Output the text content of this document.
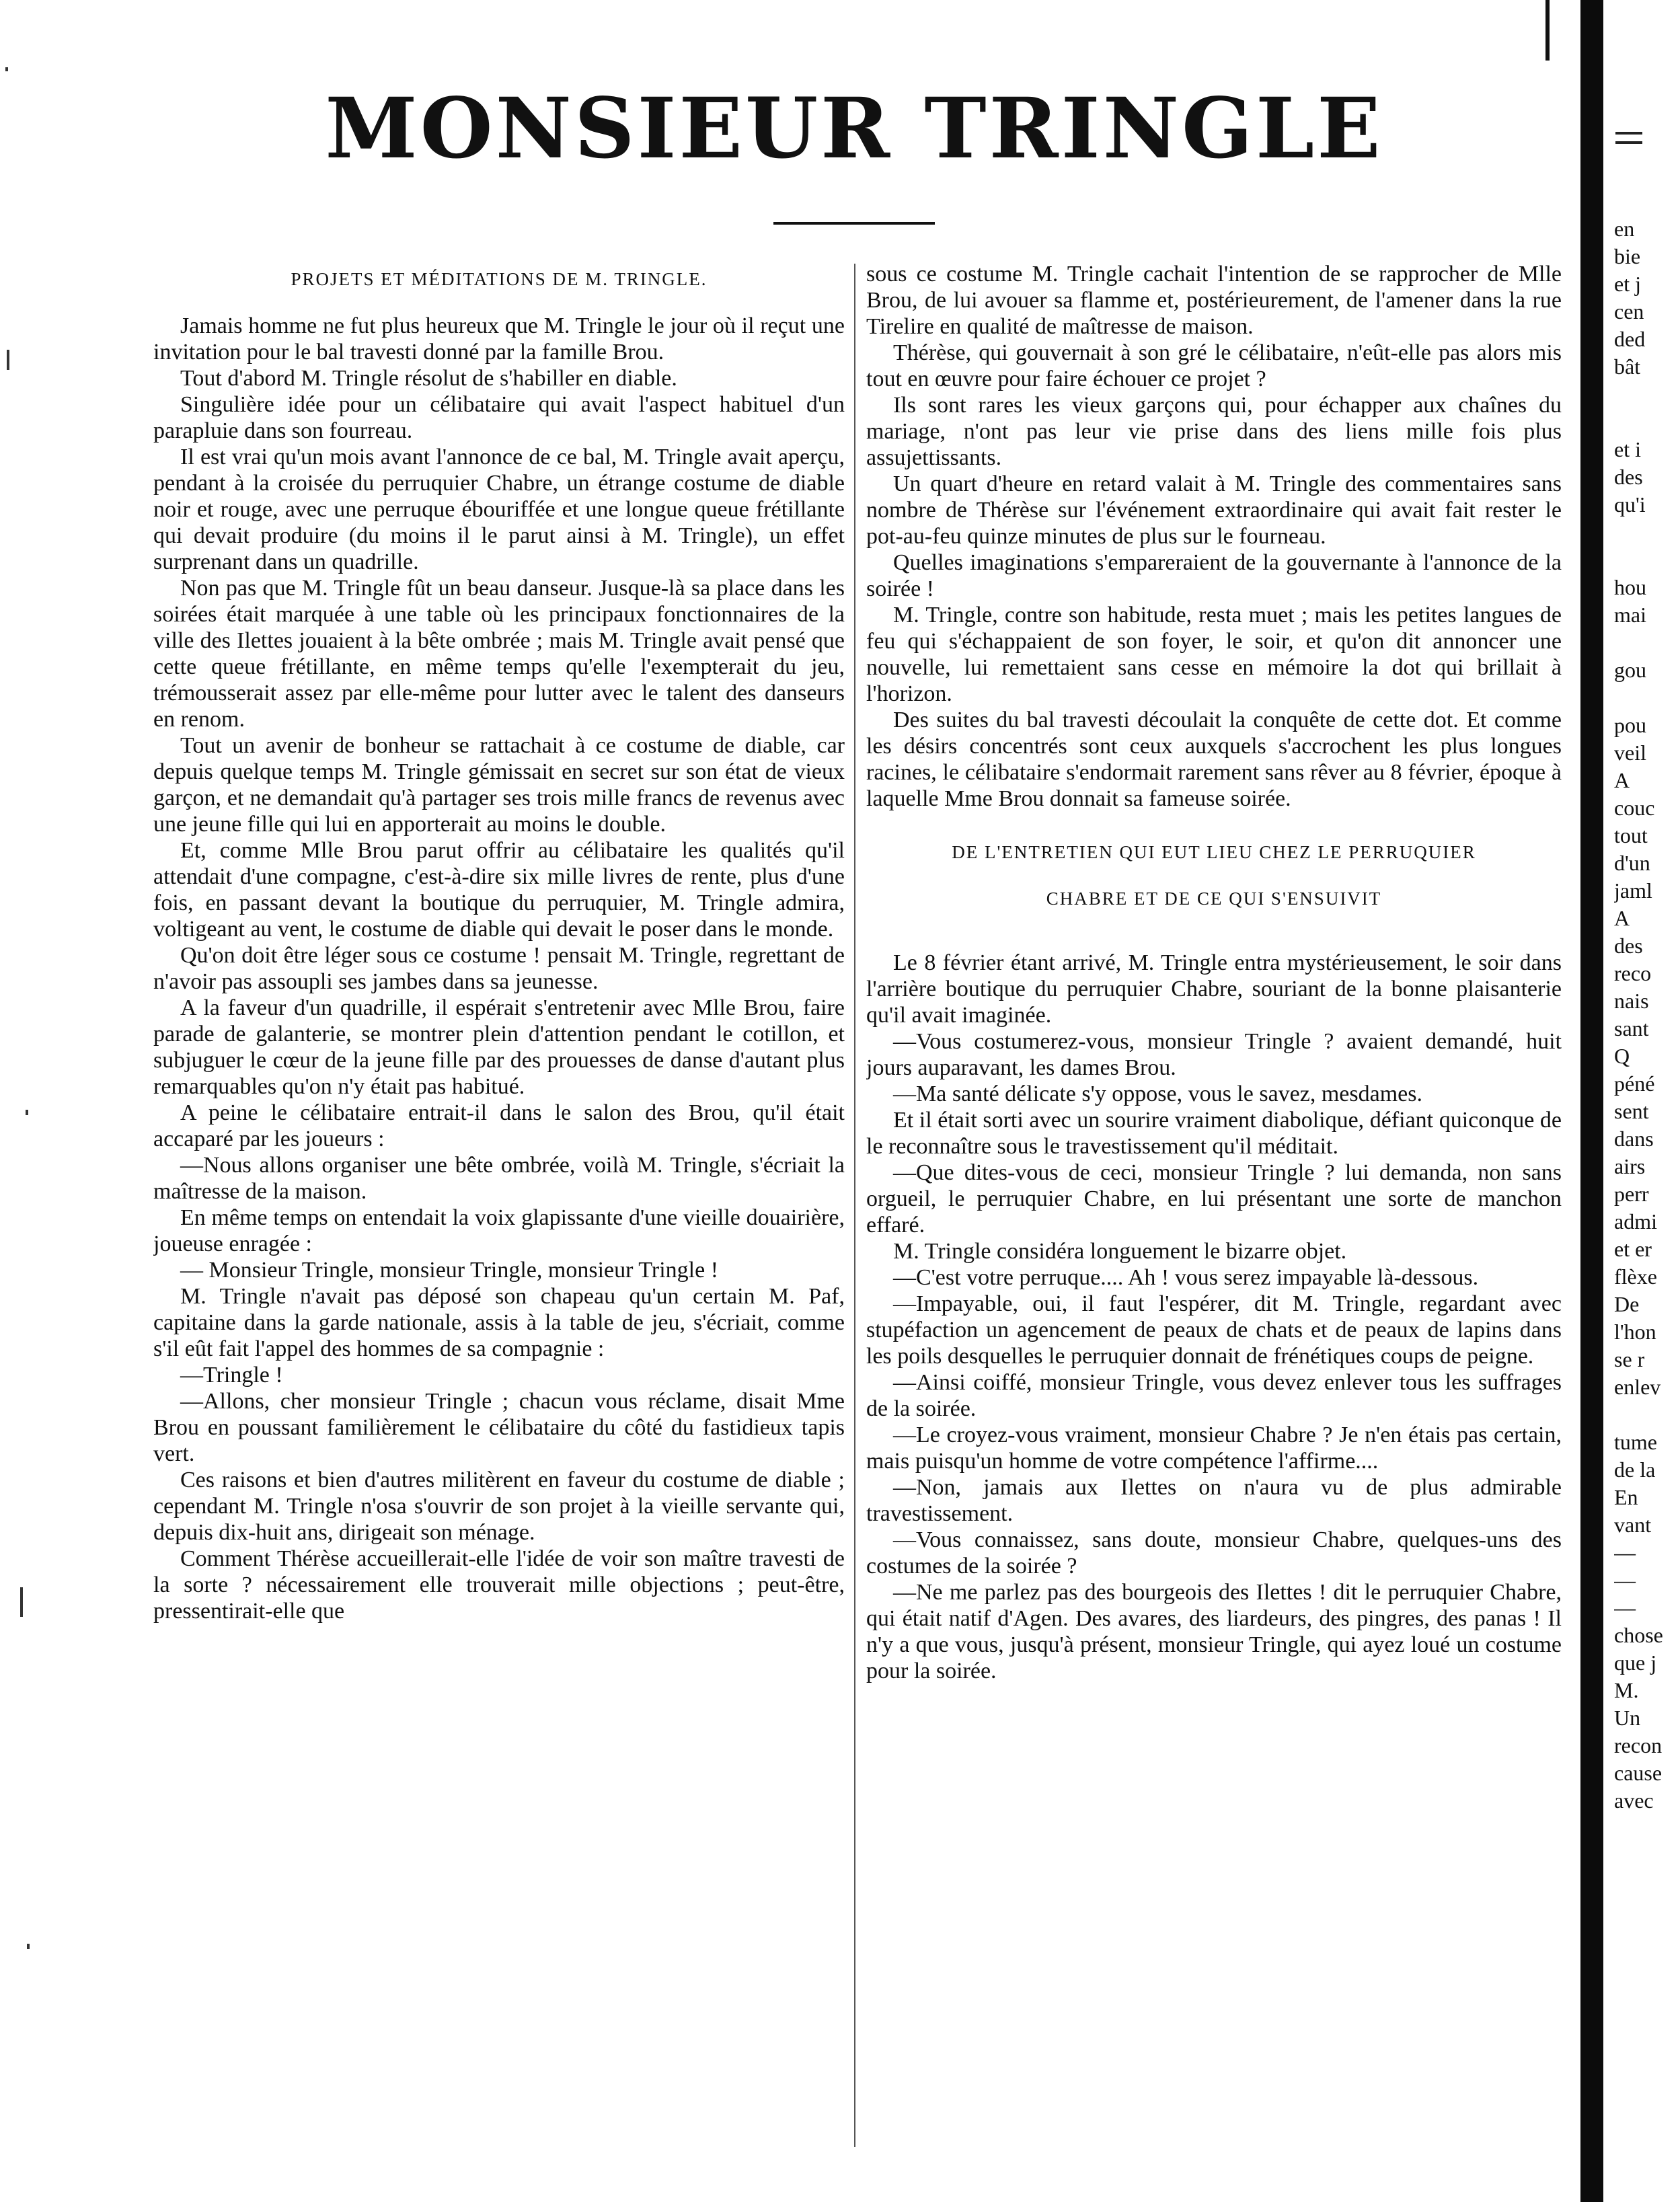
MONSIEUR TRINGLE

PROJETS ET MÉDITATIONS DE M. TRINGLE.

Jamais homme ne fut plus heureux que M. Tringle le jour où il reçut une invitation pour le bal travesti donné par la famille Brou.

Tout d'abord M. Tringle résolut de s'habiller en diable.

Singulière idée pour un célibataire qui avait l'aspect habituel d'un parapluie dans son fourreau.

Il est vrai qu'un mois avant l'annonce de ce bal, M. Tringle avait aperçu, pendant à la croisée du perruquier Chabre, un étrange costume de diable noir et rouge, avec une perruque ébouriffée et une longue queue frétillante qui devait produire (du moins il le parut ainsi à M. Tringle), un effet surprenant dans un quadrille.

Non pas que M. Tringle fût un beau danseur. Jusque-là sa place dans les soirées était marquée à une table où les principaux fonctionnaires de la ville des Ilettes jouaient à la bête ombrée ; mais M. Tringle avait pensé que cette queue frétillante, en même temps qu'elle l'exempterait du jeu, trémousserait assez par elle-même pour lutter avec le talent des danseurs en renom.

Tout un avenir de bonheur se rattachait à ce costume de diable, car depuis quelque temps M. Tringle gémissait en secret sur son état de vieux garçon, et ne demandait qu'à partager ses trois mille francs de revenus avec une jeune fille qui lui en apporterait au moins le double.

Et, comme Mlle Brou parut offrir au célibataire les qualités qu'il attendait d'une compagne, c'est-à-dire six mille livres de rente, plus d'une fois, en passant devant la boutique du perruquier, M. Tringle admira, voltigeant au vent, le costume de diable qui devait le poser dans le monde.

Qu'on doit être léger sous ce costume ! pensait M. Tringle, regrettant de n'avoir pas assoupli ses jambes dans sa jeunesse.

A la faveur d'un quadrille, il espérait s'entretenir avec Mlle Brou, faire parade de galanterie, se montrer plein d'attention pendant le cotillon, et subjuguer le cœur de la jeune fille par des prouesses de danse d'autant plus remarquables qu'on n'y était pas habitué.

A peine le célibataire entrait-il dans le salon des Brou, qu'il était accaparé par les joueurs :

—Nous allons organiser une bête ombrée, voilà M. Tringle, s'écriait la maîtresse de la maison.

En même temps on entendait la voix glapissante d'une vieille douairière, joueuse enragée :

— Monsieur Tringle, monsieur Tringle, monsieur Tringle !

M. Tringle n'avait pas déposé son chapeau qu'un certain M. Paf, capitaine dans la garde nationale, assis à la table de jeu, s'écriait, comme s'il eût fait l'appel des hommes de sa compagnie :

—Tringle !

—Allons, cher monsieur Tringle ; chacun vous réclame, disait Mme Brou en poussant familièrement le célibataire du côté du fastidieux tapis vert.

Ces raisons et bien d'autres militèrent en faveur du costume de diable ; cependant M. Tringle n'osa s'ouvrir de son projet à la vieille servante qui, depuis dix-huit ans, dirigeait son ménage.

Comment Thérèse accueillerait-elle l'idée de voir son maître travesti de la sorte ? nécessairement elle trouverait mille objections ; peut-être, pressentirait-elle que

sous ce costume M. Tringle cachait l'intention de se rapprocher de Mlle Brou, de lui avouer sa flamme et, postérieurement, de l'amener dans la rue Tirelire en qualité de maîtresse de maison.

Thérèse, qui gouvernait à son gré le célibataire, n'eût-elle pas alors mis tout en œuvre pour faire échouer ce projet ?

Ils sont rares les vieux garçons qui, pour échapper aux chaînes du mariage, n'ont pas leur vie prise dans des liens mille fois plus assujettissants.

Un quart d'heure en retard valait à M. Tringle des commentaires sans nombre de Thérèse sur l'événement extraordinaire qui avait fait rester le pot-au-feu quinze minutes de plus sur le fourneau.

Quelles imaginations s'empareraient de la gouvernante à l'annonce de la soirée !

M. Tringle, contre son habitude, resta muet ; mais les petites langues de feu qui s'échappaient de son foyer, le soir, et qu'on dit annoncer une nouvelle, lui remettaient sans cesse en mémoire la dot qui brillait à l'horizon.

Des suites du bal travesti découlait la conquête de cette dot. Et comme les désirs concentrés sont ceux auxquels s'accrochent les plus longues racines, le célibataire s'endormait rarement sans rêver au 8 février, époque à laquelle Mme Brou donnait sa fameuse soirée.

DE L'ENTRETIEN QUI EUT LIEU CHEZ LE PERRUQUIER

CHABRE ET DE CE QUI S'ENSUIVIT

Le 8 février étant arrivé, M. Tringle entra mystérieusement, le soir dans l'arrière boutique du perruquier Chabre, souriant de la bonne plaisanterie qu'il avait imaginée.

—Vous costumerez-vous, monsieur Tringle ? avaient demandé, huit jours auparavant, les dames Brou.

—Ma santé délicate s'y oppose, vous le savez, mesdames.

Et il était sorti avec un sourire vraiment diabolique, défiant quiconque de le reconnaître sous le travestissement qu'il méditait.

—Que dites-vous de ceci, monsieur Tringle ? lui demanda, non sans orgueil, le perruquier Chabre, en lui présentant une sorte de manchon effaré.

M. Tringle considéra longuement le bizarre objet.

—C'est votre perruque.... Ah ! vous serez impayable là-dessous.

—Impayable, oui, il faut l'espérer, dit M. Tringle, regardant avec stupéfaction un agencement de peaux de chats et de peaux de lapins dans les poils desquelles le perruquier donnait de frénétiques coups de peigne.

—Ainsi coiffé, monsieur Tringle, vous devez enlever tous les suffrages de la soirée.

—Le croyez-vous vraiment, monsieur Chabre ? Je n'en étais pas certain, mais puisqu'un homme de votre compétence l'affirme....

—Non, jamais aux Ilettes on n'aura vu de plus admirable travestissement.

—Vous connaissez, sans doute, monsieur Chabre, quelques-uns des costumes de la soirée ?

—Ne me parlez pas des bourgeois des Ilettes ! dit le perruquier Chabre, qui était natif d'Agen. Des avares, des liardeurs, des pingres, des panas ! Il n'y a que vous, jusqu'à présent, monsieur Tringle, qui ayez loué un costume pour la soirée.

en
bie
et j
cen
ded
bât

et i
des
qu'i

hou
mai

gou

pou
veil
A
couc
tout
d'un
jaml
A
des
reco
nais
sant
Q
péné
sent
dans
airs
perr
admi
et er
flèxe
De
l'hon
se r
enlev

tume
de la
En
vant
—
—
—
chose
que j
M.
Un
recon
cause
avec
